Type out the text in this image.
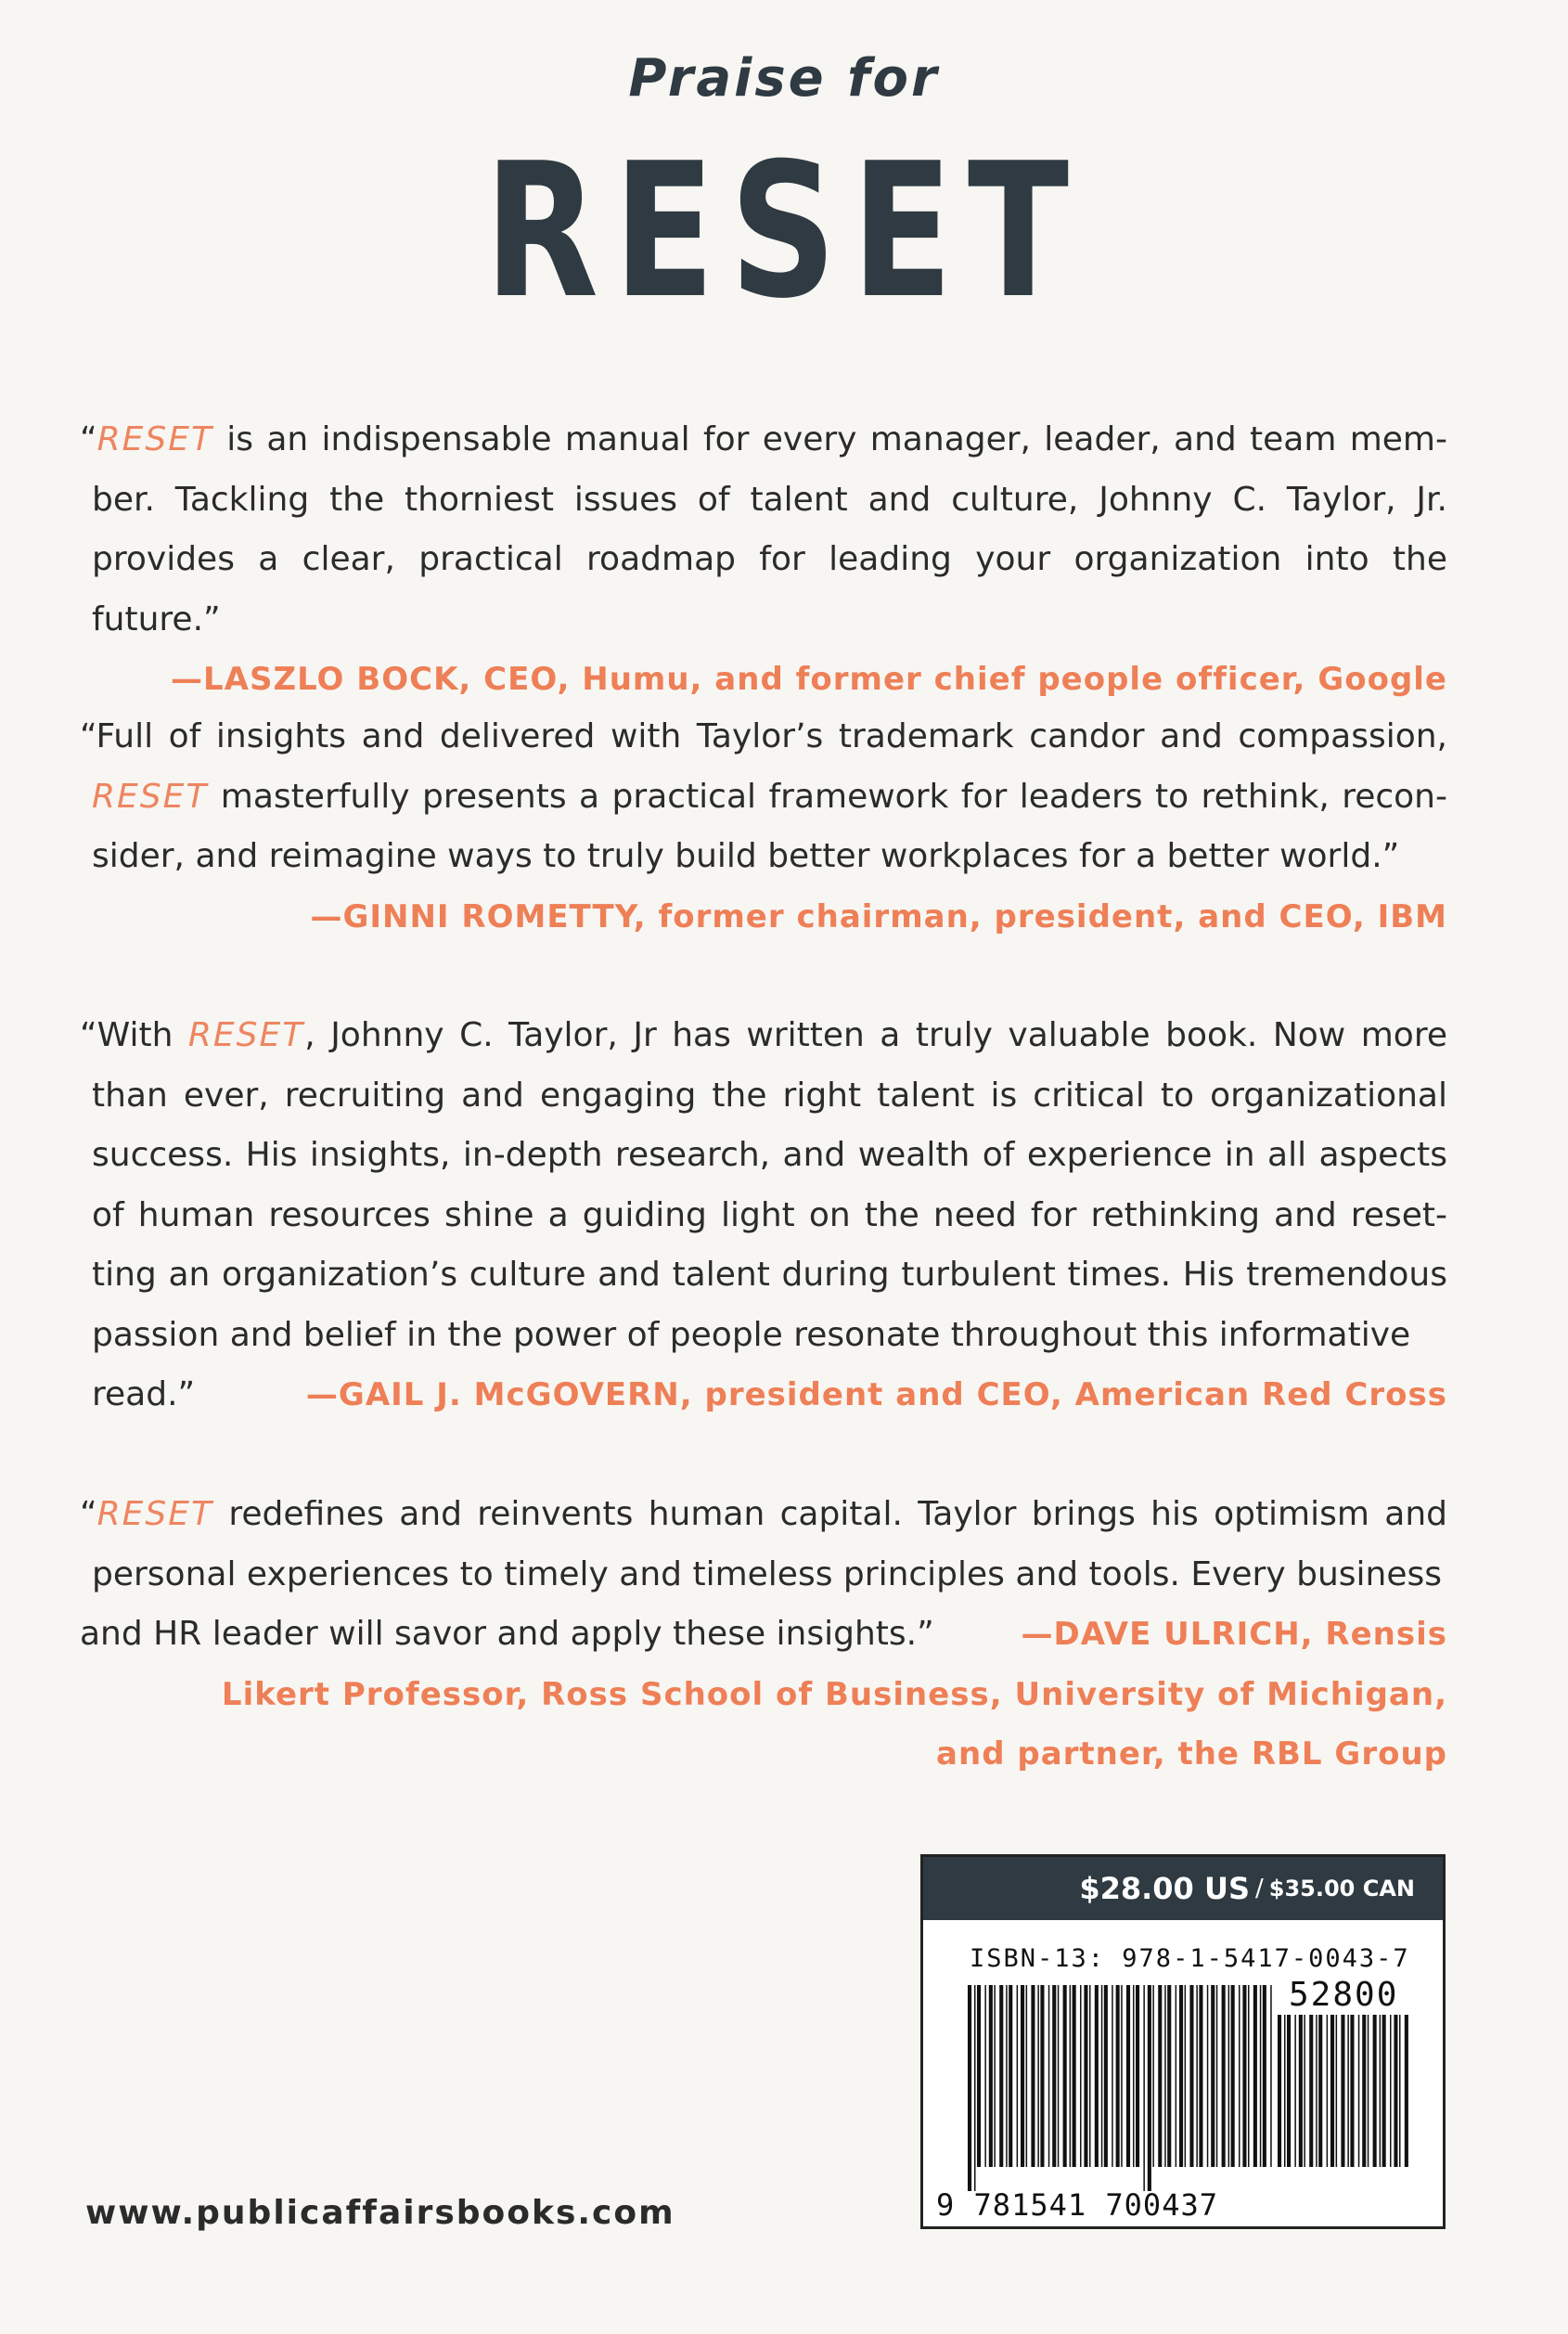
Praise for
RESET
“RESET is an indispensable manual for every manager, leader, and team member. Tackling the thorniest issues of talent and culture, Johnny C. Taylor, Jr. provides a clear, practical roadmap for leading your organization into the future.”
—LASZLO BOCK, CEO, Humu, and former chief people officer, Google
“Full of insights and delivered with Taylor’s trademark candor and compassion, RESET masterfully presents a practical framework for leaders to rethink, reconsider, and reimagine ways to truly build better workplaces for a better world.”
—GINNI ROMETTY, former chairman, president, and CEO, IBM
“With RESET, Johnny C. Taylor, Jr has written a truly valuable book. Now more than ever, recruiting and engaging the right talent is critical to organizational success. His insights, in-depth research, and wealth of experience in all aspects of human resources shine a guiding light on the need for rethinking and resetting an organization’s culture and talent during turbulent times. His tremendous passion and belief in the power of people resonate throughout this informative
read.”	—GAIL J. McGOVERN, president and CEO, American Red Cross
“RESET redefines and reinvents human capital. Taylor brings his optimism and personal experiences to timely and timeless principles and tools. Every business
and HR leader will savor and apply these insights.”	—DAVE ULRICH, Rensis
Likert Professor, Ross School of Business, University of Michigan,
and partner, the RBL Group
$28.00 US / $35.00 CAN
ISBN-13: 978-1-5417-0043-7
52800
9 781541 700437
www.publicaffairsbooks.com
